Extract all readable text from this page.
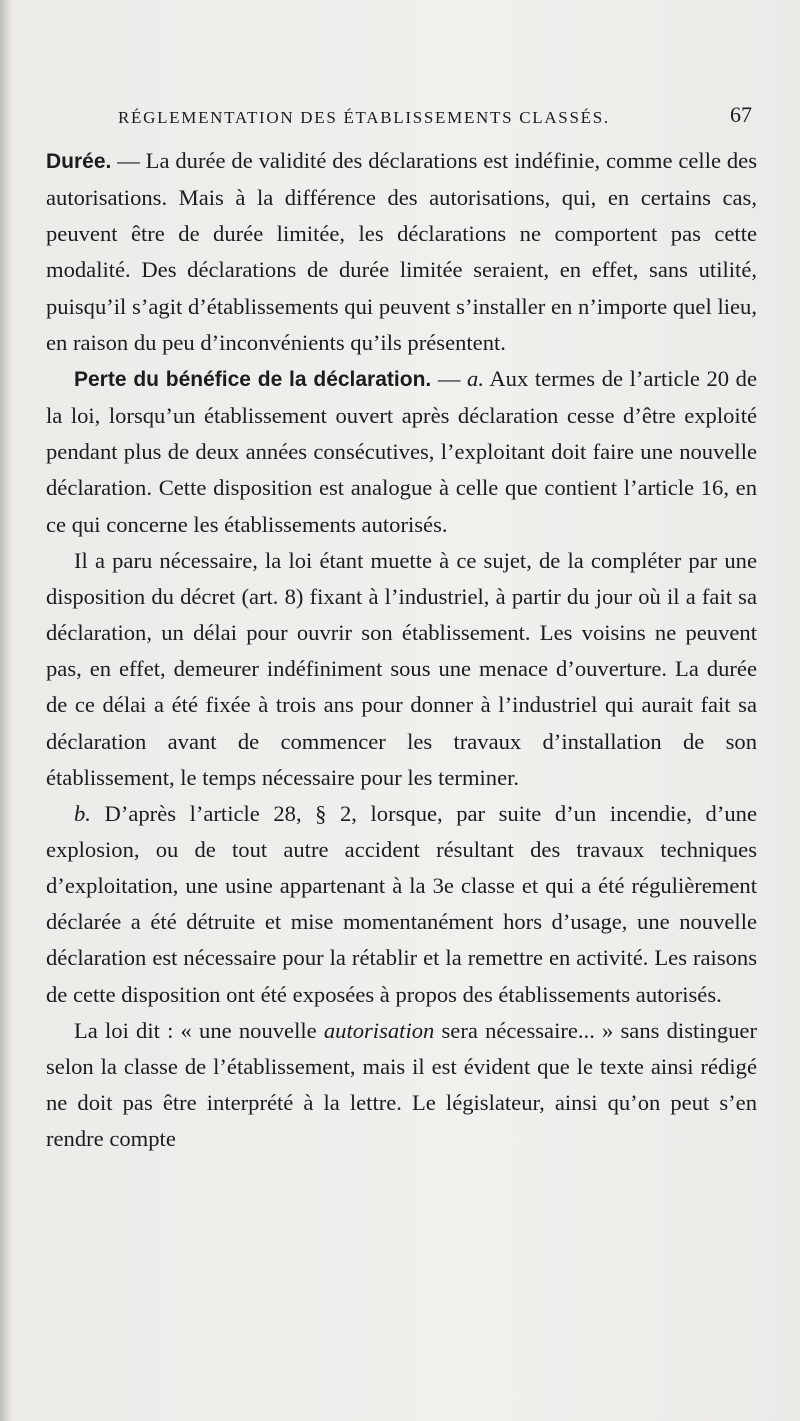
RÉGLEMENTATION DES ÉTABLISSEMENTS CLASSÉS.	67

Durée. — La durée de validité des déclarations est indéfinie, comme celle des autorisations. Mais à la différence des autorisations, qui, en certains cas, peuvent être de durée limitée, les déclarations ne comportent pas cette modalité. Des déclarations de durée limitée seraient, en effet, sans utilité, puisqu’il s’agit d’établissements qui peuvent s’installer en n’importe quel lieu, en raison du peu d’inconvénients qu’ils présentent.

Perte du bénéfice de la déclaration. — a. Aux termes de l’article 20 de la loi, lorsqu’un établissement ouvert après déclaration cesse d’être exploité pendant plus de deux années consécutives, l’exploitant doit faire une nouvelle déclaration. Cette disposition est analogue à celle que contient l’article 16, en ce qui concerne les établissements autorisés.

Il a paru nécessaire, la loi étant muette à ce sujet, de la compléter par une disposition du décret (art. 8) fixant à l’industriel, à partir du jour où il a fait sa déclaration, un délai pour ouvrir son établissement. Les voisins ne peuvent pas, en effet, demeurer indéfiniment sous une menace d’ouverture. La durée de ce délai a été fixée à trois ans pour donner à l’industriel qui aurait fait sa déclaration avant de commencer les travaux d’installation de son établissement, le temps nécessaire pour les terminer.

b. D’après l’article 28, § 2, lorsque, par suite d’un incendie, d’une explosion, ou de tout autre accident résultant des travaux techniques d’exploitation, une usine appartenant à la 3e classe et qui a été régulièrement déclarée a été détruite et mise momentanément hors d’usage, une nouvelle déclaration est nécessaire pour la rétablir et la remettre en activité. Les raisons de cette disposition ont été exposées à propos des établissements autorisés.

La loi dit : « une nouvelle autorisation sera nécessaire... » sans distinguer selon la classe de l’établissement, mais il est évident que le texte ainsi rédigé ne doit pas être interprété à la lettre. Le législateur, ainsi qu’on peut s’en rendre compte
